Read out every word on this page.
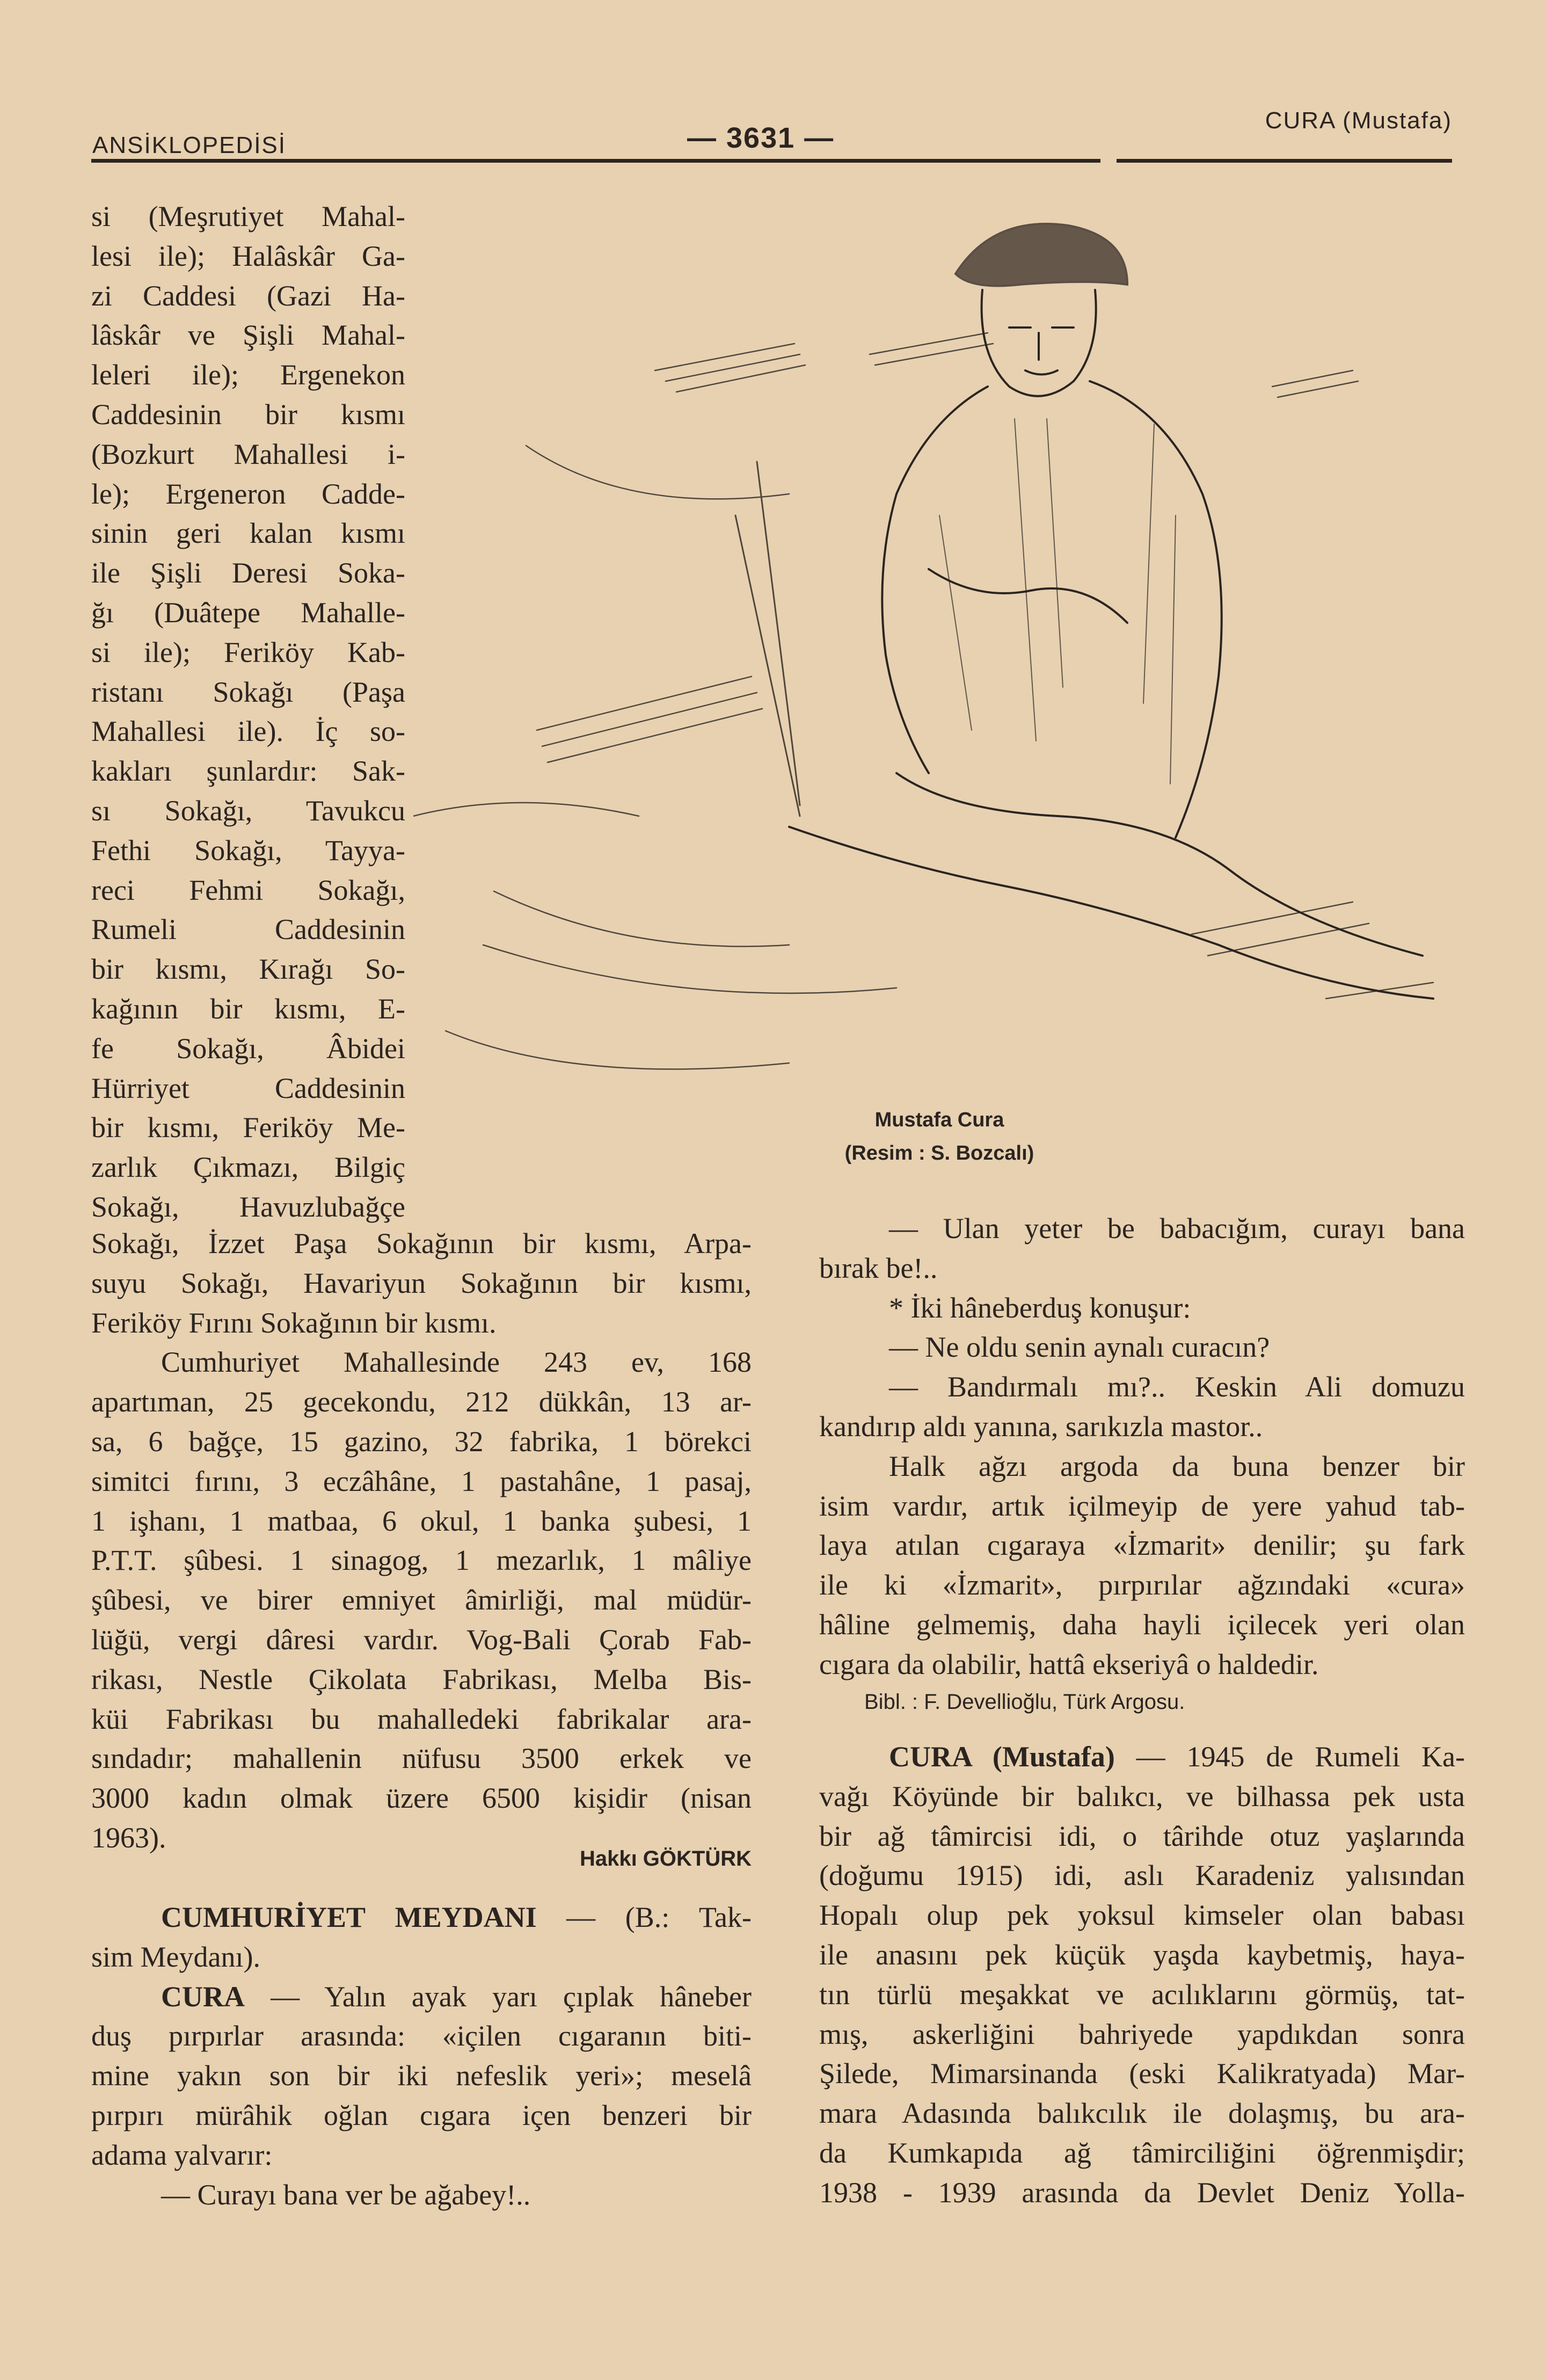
ANSİKLOPEDİSİ	— 3631 —
CURA (Mustafa)
si (Meşrutiyet Mahal-
lesi ile); Halâskâr Ga-
zi Caddesi (Gazi Ha-
lâskâr ve Şişli Mahal-
leleri ile); Ergenekon
Caddesinin bir kısmı
(Bozkurt Mahallesi i-
le); Ergeneron Cadde-
sinin geri kalan kısmı
ile Şişli Deresi Soka-
ğı (Duâtepe Mahalle-
si ile); Feriköy Kab-
ristanı Sokağı (Paşa
Mahallesi ile). İç so-
kakları şunlardır: Sak-
sı Sokağı, Tavukcu
Fethi Sokağı, Tayya-
reci Fehmi Sokağı,
Rumeli Caddesinin
bir kısmı, Kırağı So-
kağının bir kısmı, E-
fe Sokağı, Âbidei
Hürriyet Caddesinin
bir kısmı, Feriköy Me-
zarlık Çıkmazı, Bilgiç
Sokağı, Havuzlubağçe
Sokağı, İzzet Paşa Sokağının bir kısmı, Arpa-
suyu Sokağı, Havariyun Sokağının bir kısmı,
Feriköy Fırını Sokağının bir kısmı.
Cumhuriyet Mahallesinde 243 ev, 168
apartıman, 25 gecekondu, 212 dükkân, 13 ar-
sa, 6 bağçe, 15 gazino, 32 fabrika, 1 börekci
simitci fırını, 3 eczâhâne, 1 pastahâne, 1 pasaj,
1 işhanı, 1 matbaa, 6 okul, 1 banka şubesi, 1
P.T.T. şûbesi. 1 sinagog, 1 mezarlık, 1 mâliye
şûbesi, ve birer emniyet âmirliği, mal müdür-
lüğü, vergi dâresi vardır. Vog-Bali Çorab Fab-
rikası, Nestle Çikolata Fabrikası, Melba Bis-
küi Fabrikası bu mahalledeki fabrikalar ara-
sındadır; mahallenin nüfusu 3500 erkek ve
3000 kadın olmak üzere 6500 kişidir (nisan
1963).
Hakkı GÖKTÜRK
CUMHURİYET MEYDANI — (B.: Tak-
sim Meydanı).
CURA — Yalın ayak yarı çıplak hâneber
duş pırpırlar arasında: «içilen cıgaranın biti-
mine yakın son bir iki nefeslik yeri»; meselâ
pırpırı mürâhik oğlan cıgara içen benzeri bir
adama yalvarır:
— Curayı bana ver be ağabey!..
Mustafa Cura
(Resim : S. Bozcalı)
— Ulan yeter be babacığım, curayı bana
bırak be!..
* İki hâneberduş konuşur:
— Ne oldu senin aynalı curacın?
— Bandırmalı mı?.. Keskin Ali domuzu
kandırıp aldı yanına, sarıkızla mastor..
Halk ağzı argoda da buna benzer bir
isim vardır, artık içilmeyip de yere yahud tab-
laya atılan cıgaraya «İzmarit» denilir; şu fark
ile ki «İzmarit», pırpırılar ağzındaki «cura»
hâline gelmemiş, daha hayli içilecek yeri olan
cıgara da olabilir, hattâ ekseriyâ o haldedir.
Bibl. : F. Devellioğlu, Türk Argosu.
CURA (Mustafa) — 1945 de Rumeli Ka-
vağı Köyünde bir balıkcı, ve bilhassa pek usta
bir ağ tâmircisi idi, o târihde otuz yaşlarında
(doğumu 1915) idi, aslı Karadeniz yalısından
Hopalı olup pek yoksul kimseler olan babası
ile anasını pek küçük yaşda kaybetmiş, haya-
tın türlü meşakkat ve acılıklarını görmüş, tat-
mış, askerliğini bahriyede yapdıkdan sonra
Şilede, Mimarsinanda (eski Kalikratyada) Mar-
mara Adasında balıkcılık ile dolaşmış, bu ara-
da Kumkapıda ağ tâmirciliğini öğrenmişdir;
1938 - 1939 arasında da Devlet Deniz Yolla-
